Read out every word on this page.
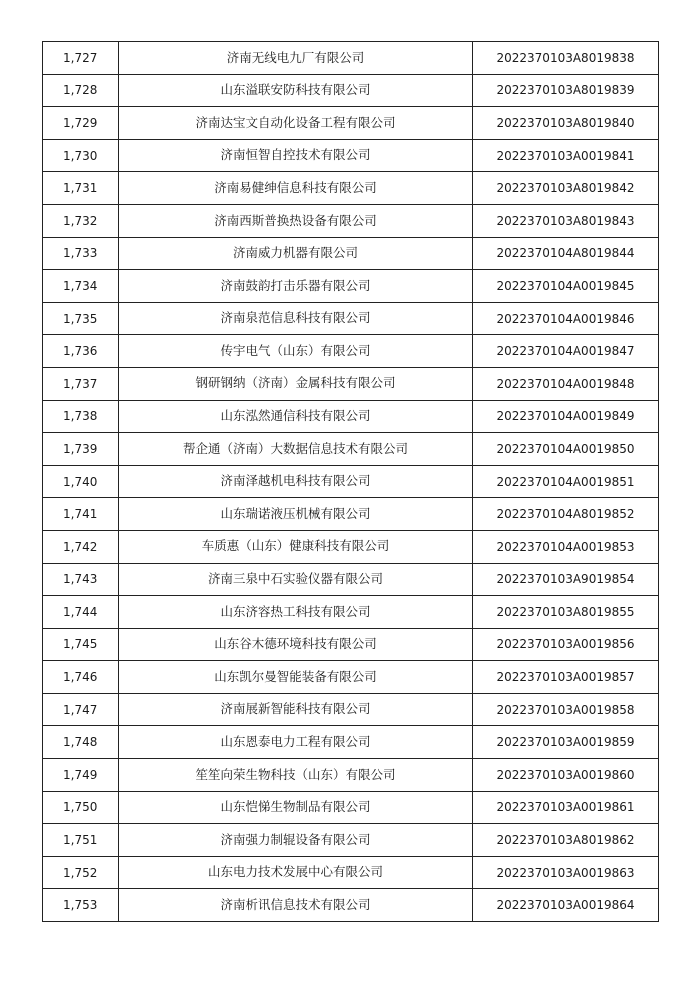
1,727	济南无线电九厂有限公司	2022370103A8019838
1,728	山东溢联安防科技有限公司	2022370103A8019839
1,729	济南达宝文自动化设备工程有限公司	2022370103A8019840
1,730	济南恒智自控技术有限公司	2022370103A0019841
1,731	济南易健绅信息科技有限公司	2022370103A8019842
1,732	济南西斯普换热设备有限公司	2022370103A8019843
1,733	济南威力机器有限公司	2022370104A8019844
1,734	济南鼓韵打击乐器有限公司	2022370104A0019845
1,735	济南泉范信息科技有限公司	2022370104A0019846
1,736	传宇电气（山东）有限公司	2022370104A0019847
1,737	钢研钢纳（济南）金属科技有限公司	2022370104A0019848
1,738	山东泓然通信科技有限公司	2022370104A0019849
1,739	帮企通（济南）大数据信息技术有限公司	2022370104A0019850
1,740	济南泽越机电科技有限公司	2022370104A0019851
1,741	山东瑞诺液压机械有限公司	2022370104A8019852
1,742	车质惠（山东）健康科技有限公司	2022370104A0019853
1,743	济南三泉中石实验仪器有限公司	2022370103A9019854
1,744	山东济容热工科技有限公司	2022370103A8019855
1,745	山东谷木德环境科技有限公司	2022370103A0019856
1,746	山东凯尔曼智能装备有限公司	2022370103A0019857
1,747	济南展新智能科技有限公司	2022370103A0019858
1,748	山东恩泰电力工程有限公司	2022370103A0019859
1,749	笙笙向荣生物科技（山东）有限公司	2022370103A0019860
1,750	山东恺悌生物制品有限公司	2022370103A0019861
1,751	济南强力制辊设备有限公司	2022370103A8019862
1,752	山东电力技术发展中心有限公司	2022370103A0019863
1,753	济南析讯信息技术有限公司	2022370103A0019864
